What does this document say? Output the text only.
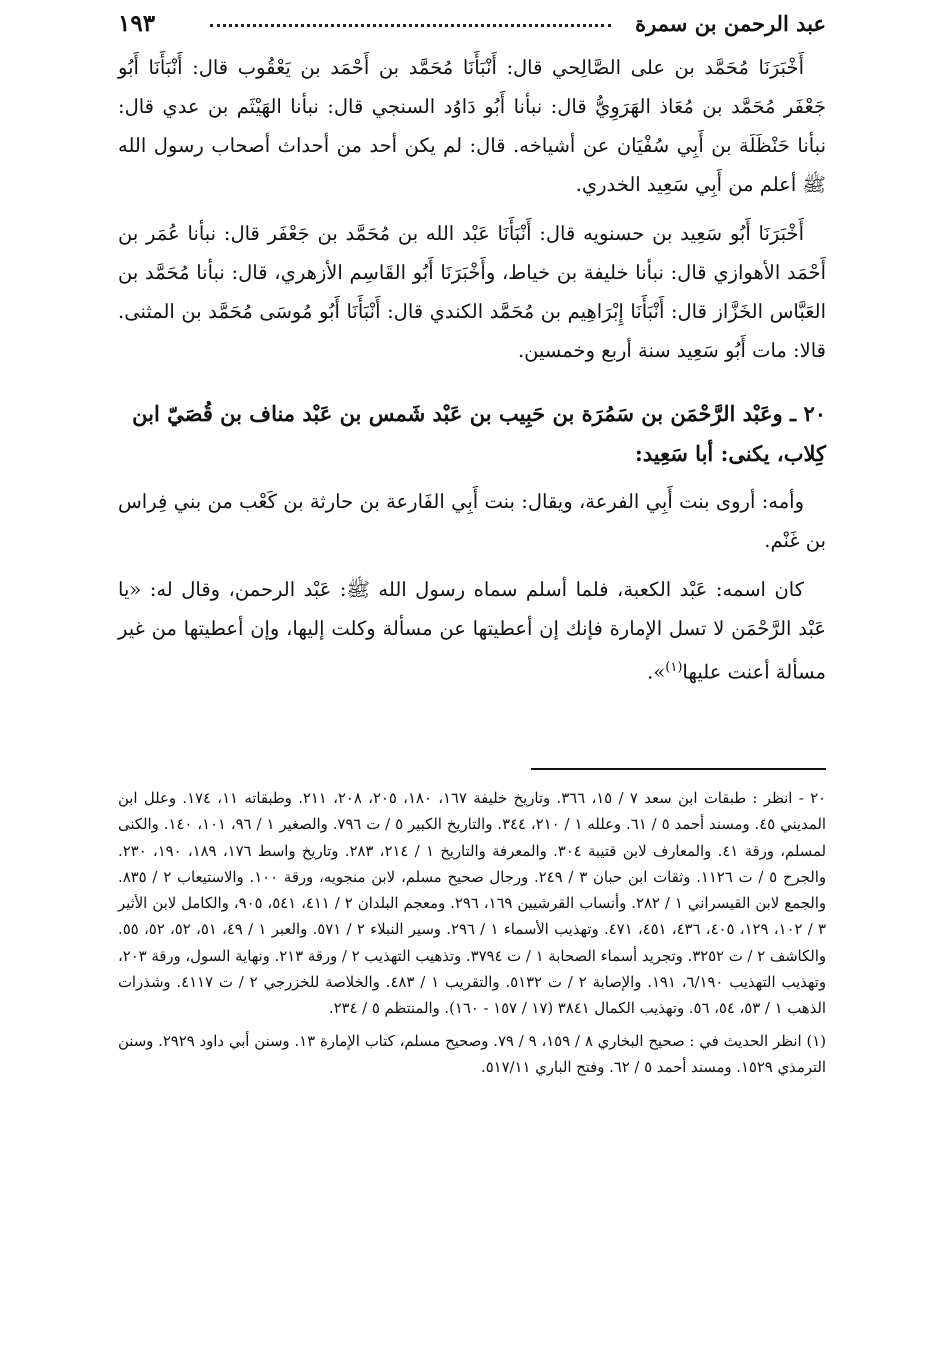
عبد الرحمن بن سمرة
١٩٣

أَخْبَرَنَا مُحَمَّد بن على الصَّالِحي قال: أَنْبَأَنَا مُحَمَّد بن أَحْمَد بن يَعْقُوب قال: أَنْبَأَنَا أَبُو جَعْفَر مُحَمَّد بن مُعَاذ الهَرَوِيُّ قال: نبأنا أَبُو دَاوُد السنجي قال: نبأنا الهَيْثَم بن عدي قال: نبأنا حَنْظَلَة بن أَبِي سُفْيَان عن أشياخه. قال: لم يكن أحد من أحداث أصحاب رسول الله ﷺ أعلم من أَبِي سَعِيد الخدري.

أَخْبَرَنَا أَبُو سَعِيد بن حسنويه قال: أَنْبَأَنَا عَبْد الله بن مُحَمَّد بن جَعْفَر قال: نبأنا عُمَر بن أَحْمَد الأهوازي قال: نبأنا خليفة بن خياط، وأَخْبَرَنَا أَبُو القَاسِم الأزهري، قال: نبأنا مُحَمَّد بن العَبَّاس الخَزَّاز قال: أَنْبَأَنَا إِبْرَاهِيم بن مُحَمَّد الكندي قال: أَنْبَأَنَا أَبُو مُوسَى مُحَمَّد بن المثنى. قالا: مات أَبُو سَعِيد سنة أربع وخمسين.

٢٠ ـ وعَبْد الرَّحْمَن بن سَمُرَة بن حَبِيب بن عَبْد شَمس بن عَبْد مناف بن قُصَيّ ابن كِلاب، يكنى: أبا سَعِيد:

وأمه: أروى بنت أَبِي الفرعة، ويقال: بنت أَبِي الفَارعة بن حارثة بن كَعْب من بني فِراس بن غَنْم.

كان اسمه: عَبْد الكعبة، فلما أسلم سماه رسول الله ﷺ: عَبْد الرحمن، وقال له: «يا عَبْد الرَّحْمَن لا تسل الإمارة فإنك إن أعطيتها عن مسألة وكلت إليها، وإن أعطيتها من غير مسألة أعنت عليها$^{(١)}$».

٢٠ - انظر : طبقات ابن سعد ٧ / ١٥، ٣٦٦. وتاريخ خليفة ١٦٧، ١٨٠، ٢٠٥، ٢٠٨، ٢١١. وطبقاته ١١، ١٧٤. وعلل ابن المديني ٤٥. ومسند أحمد ٥ / ٦١. وعلله ١ / ٢١٠، ٣٤٤. والتاريخ الكبير ٥ / ت ٧٩٦. والصغير ١ / ٩٦، ١٠١، ١٤٠. والكنى لمسلم، ورقة ٤١. والمعارف لابن قتيبة ٣٠٤. والمعرفة والتاريخ ١ / ٢١٤، ٢٨٣. وتاريخ واسط ١٧٦، ١٨٩، ١٩٠، ٢٣٠. والجرح ٥ / ت ١١٢٦. وثقات ابن حبان ٣ / ٢٤٩. ورجال صحيح مسلم، لابن منجويه، ورقة ١٠٠. والاستيعاب ٢ / ٨٣٥. والجمع لابن القيسراني ١ / ٢٨٢. وأنساب القرشيين ١٦٩، ٢٩٦. ومعجم البلدان ٢ / ٤١١، ٥٤١، ٩٠٥، والكامل لابن الأثير ٣ / ١٠٢، ١٢٩، ٤٠٥، ٤٣٦، ٤٥١، ٤٧١. وتهذيب الأسماء ١ / ٢٩٦. وسير النبلاء ٢ / ٥٧١. والعبر ١ / ٤٩، ٥١، ٥٢، ٥٢، ٥٥. والكاشف ٢ / ت ٣٢٥٢. وتجريد أسماء الصحابة ١ / ت ٣٧٩٤. وتذهيب التهذيب ٢ / ورقة ٢١٣. ونهاية السول، ورقة ٢٠٣، وتهذيب التهذيب ٦/١٩٠، ١٩١. والإصابة ٢ / ت ٥١٣٢. والتقريب ١ / ٤٨٣. والخلاصة للخزرجي ٢ / ت ٤١١٧. وشذرات الذهب ١ / ٥٣، ٥٤، ٥٦. وتهذيب الكمال ٣٨٤١ (١٧ / ١٥٧ - ١٦٠). والمنتظم ٥ / ٢٣٤.

(١) انظر الحديث في : صحيح البخاري ٨ / ١٥٩، ٩ / ٧٩. وصحيح مسلم، كتاب الإمارة ١٣. وسنن أبي داود ٢٩٢٩. وسنن الترمذي ١٥٢٩. ومسند أحمد ٥ / ٦٢. وفتح الباري ٥١٧/١١.
